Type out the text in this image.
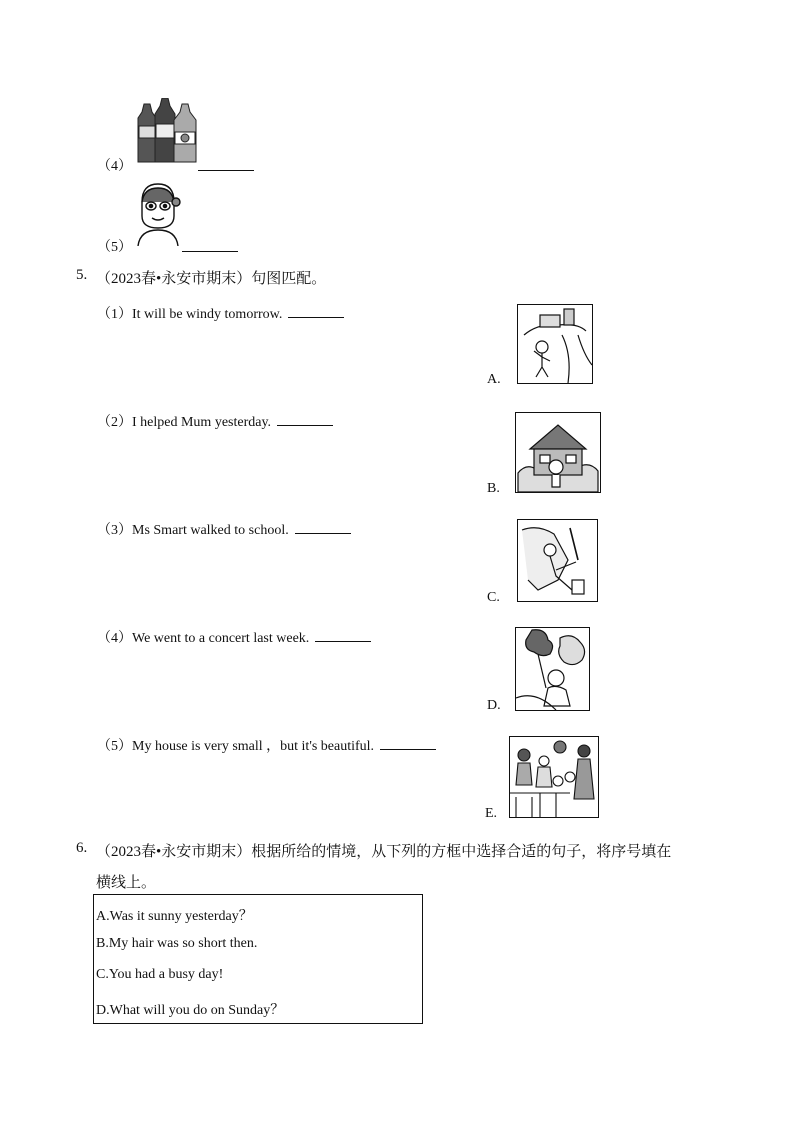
（4）
（5）
5. （2023春•永安市期末）句图匹配。
（1）It will be windy tomorrow.
（2）I helped Mum yesterday.
（3）Ms Smart walked to school.
（4）We went to a concert last week.
（5）My house is very small ，but it's beautiful.
A.
B.
C.
D.
E.
6. （2023春•永安市期末）根据所给的情境，从下列的方框中选择合适的句子，将序号填在
横线上。
A.Was it sunny yesterday？
B.My hair was so short then.
C.You had a busy day!
D.What will you do on Sunday？
